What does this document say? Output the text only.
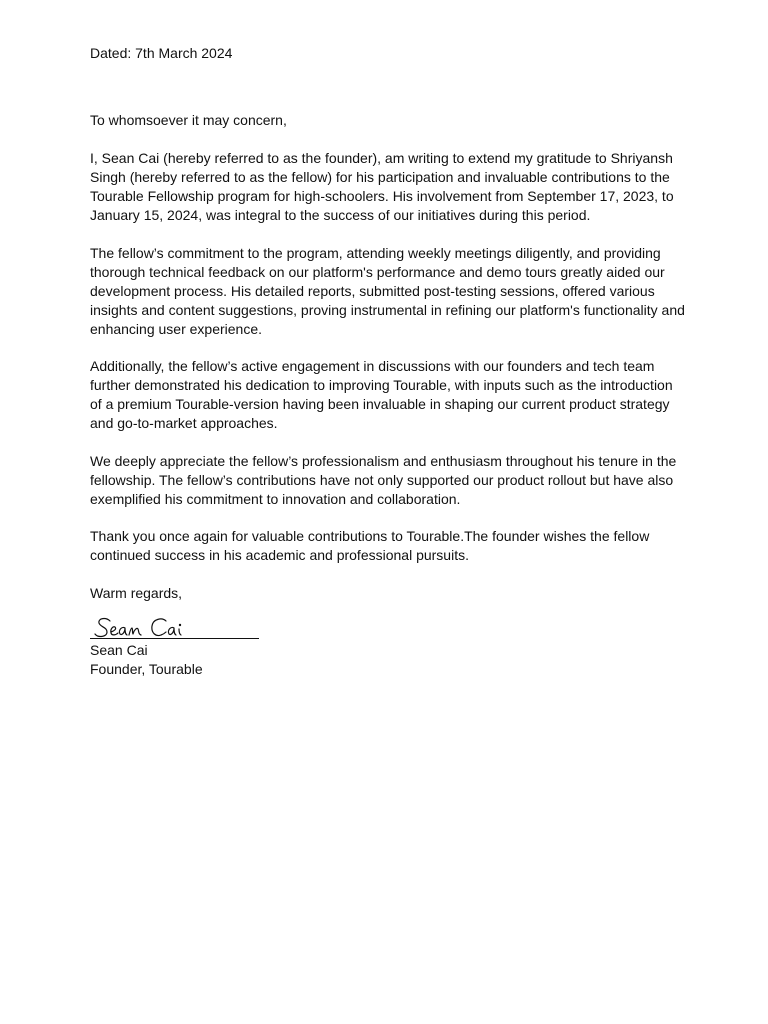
Dated: 7th March 2024
To whomsoever it may concern,
I, Sean Cai (hereby referred to as the founder), am writing to extend my gratitude to Shriyansh
Singh (hereby referred to as the fellow) for his participation and invaluable contributions to the
Tourable Fellowship program for high-schoolers. His involvement from September 17, 2023, to
January 15, 2024, was integral to the success of our initiatives during this period.
The fellow’s commitment to the program, attending weekly meetings diligently, and providing
thorough technical feedback on our platform's performance and demo tours greatly aided our
development process. His detailed reports, submitted post-testing sessions, offered various
insights and content suggestions, proving instrumental in refining our platform's functionality and
enhancing user experience.
Additionally, the fellow’s active engagement in discussions with our founders and tech team
further demonstrated his dedication to improving Tourable, with inputs such as the introduction
of a premium Tourable-version having been invaluable in shaping our current product strategy
and go-to-market approaches.
We deeply appreciate the fellow’s professionalism and enthusiasm throughout his tenure in the
fellowship. The fellow’s contributions have not only supported our product rollout but have also
exemplified his commitment to innovation and collaboration.
Thank you once again for valuable contributions to Tourable.The founder wishes the fellow
continued success in his academic and professional pursuits.
Warm regards,
Sean Cai
Founder, Tourable
